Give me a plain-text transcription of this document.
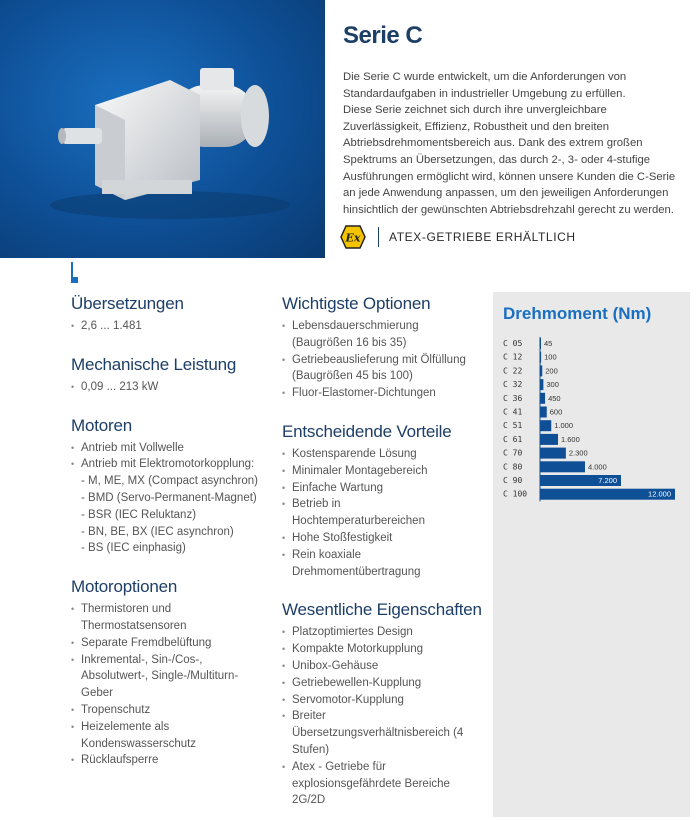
Serie C
Die Serie C wurde entwickelt, um die Anforderungen von
Standardaufgaben in industrieller Umgebung zu erfüllen.
Diese Serie zeichnet sich durch ihre unvergleichbare
Zuverlässigkeit, Effizienz, Robustheit und den breiten
Abtriebsdrehmomentsbereich aus. Dank des extrem großen
Spektrums an Übersetzungen, das durch 2-, 3- oder 4-stufige
Ausführungen ermöglicht wird, können unsere Kunden die C-Serie
an jede Anwendung anpassen, um den jeweiligen Anforderungen
hinsichtlich der gewünschten Abtriebsdrehzahl gerecht zu werden.
Ex ATEX-GETRIEBE ERHÄLTLICH
Übersetzungen
• 2,6 ... 1.481
Mechanische Leistung
• 0,09 ... 213 kW
Motoren
• Antrieb mit Vollwelle
• Antrieb mit Elektromotorkopplung:
- M, ME, MX (Compact asynchron)
- BMD (Servo-Permanent-Magnet)
- BSR (IEC Reluktanz)
- BN, BE, BX (IEC asynchron)
- BS (IEC einphasig)
Motoroptionen
• Thermistoren und
Thermostatsensoren
• Separate Fremdbelüftung
• Inkremental-, Sin-/Cos-,
Absolutwert-, Single-/Multiturn-
Geber
• Tropenschutz
• Heizelemente als
Kondenswasserschutz
• Rücklaufsperre
Wichtigste Optionen
• Lebensdauerschmierung
(Baugrößen 16 bis 35)
• Getriebeauslieferung mit Ölfüllung
(Baugrößen 45 bis 100)
• Fluor-Elastomer-Dichtungen
Entscheidende Vorteile
• Kostensparende Lösung
• Minimaler Montagebereich
• Einfache Wartung
• Betrieb in
Hochtemperaturbereichen
• Hohe Stoßfestigkeit
• Rein koaxiale
Drehmomentübertragung
Wesentliche Eigenschaften
• Platzoptimiertes Design
• Kompakte Motorkupplung
• Unibox-Gehäuse
• Getriebewellen-Kupplung
• Servomotor-Kupplung
• Breiter
Übersetzungsverhältnisbereich (4
Stufen)
• Atex - Getriebe für
explosionsgefährdete Bereiche
2G/2D
Drehmoment (Nm)
C 05	45
C 12	100
C 22	200
C 32	300
C 36	450
C 41	600
C 51	1.000
C 61	1.600
C 70	2.300
C 80	4.000
C 90	7.200
C 100	12.000
